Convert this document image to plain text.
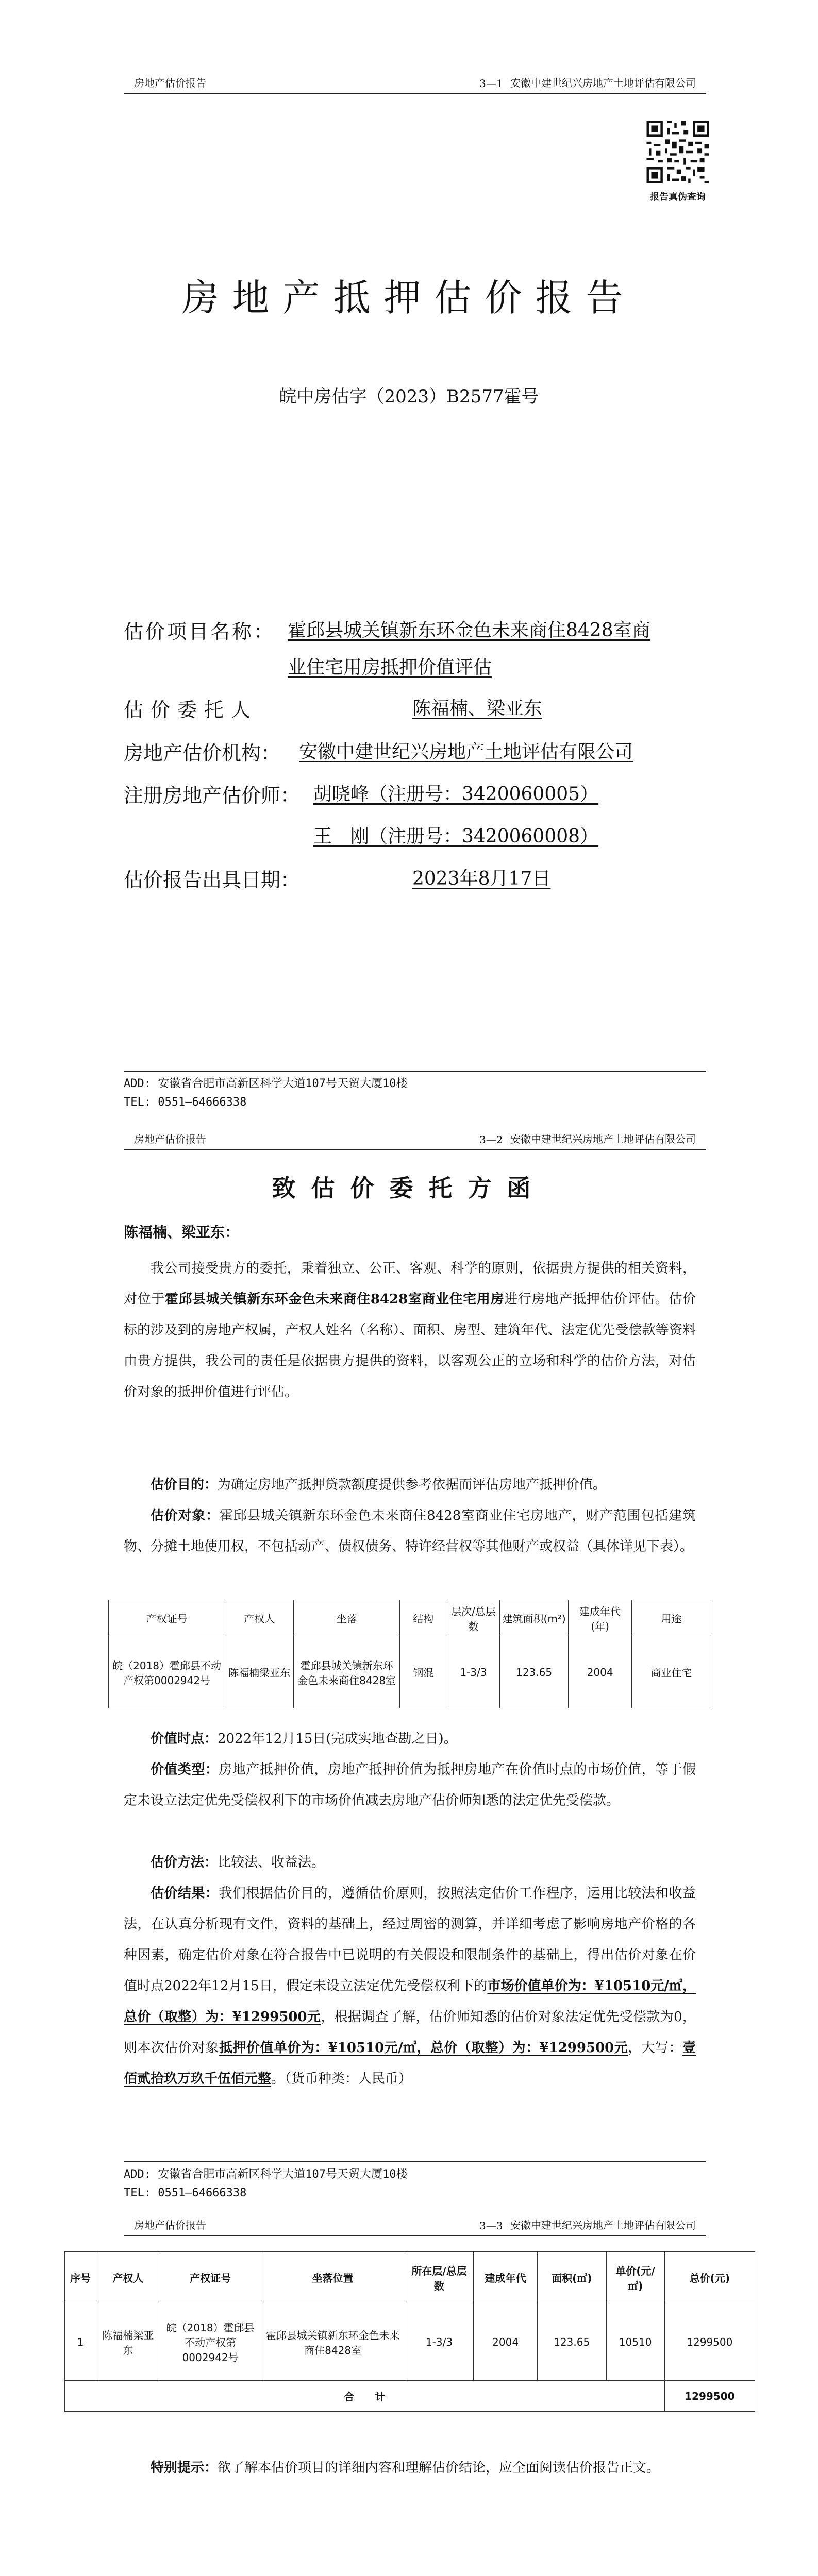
房地产估价报告	3—1 安徽中建世纪兴房地产土地评估有限公司
报告真伪查询
房地产抵押估价报告
皖中房估字（2023）B2577霍号
估价项目名称： 霍邱县城关镇新东环金色未来商住8428室商
业住宅用房抵押价值评估
估价委托人	陈福楠、梁亚东
房地产估价机构： 安徽中建世纪兴房地产土地评估有限公司
注册房地产估价师： 胡晓峰（注册号：3420060005）
王　刚（注册号：3420060008）
估价报告出具日期：	2023年8月17日
ADD: 安徽省合肥市高新区科学大道107号天贸大厦10楼
TEL: 0551—64666338
房地产估价报告	3—2 安徽中建世纪兴房地产土地评估有限公司
致估价委托方函
陈福楠、梁亚东：
我公司接受贵方的委托，秉着独立、公正、客观、科学的原则，依据贵方提供的相关资料，对位于霍邱县城关镇新东环金色未来商住8428室商业住宅用房进行房地产抵押估价评估。估价标的涉及到的房地产权属，产权人姓名（名称）、面积、房型、建筑年代、法定优先受偿款等资料由贵方提供，我公司的责任是依据贵方提供的资料，以客观公正的立场和科学的估价方法，对估价对象的抵押价值进行评估。
估价目的：为确定房地产抵押贷款额度提供参考依据而评估房地产抵押价值。
估价对象：霍邱县城关镇新东环金色未来商住8428室商业住宅房地产，财产范围包括建筑物、分摊土地使用权，不包括动产、债权债务、特许经营权等其他财产或权益（具体详见下表）。
产权证号	产权人	坐落	结构	层次/总层数	建筑面积(m²)	建成年代(年)	用途
皖（2018）霍邱县不动产权第0002942号	陈福楠梁亚东	霍邱县城关镇新东环金色未来商住8428室	钢混	1-3/3	123.65	2004	商业住宅
价值时点：2022年12月15日(完成实地查勘之日)。
价值类型：房地产抵押价值，房地产抵押价值为抵押房地产在价值时点的市场价值，等于假定未设立法定优先受偿权利下的市场价值减去房地产估价师知悉的法定优先受偿款。
估价方法：比较法、收益法。
估价结果：我们根据估价目的，遵循估价原则，按照法定估价工作程序，运用比较法和收益法，在认真分析现有文件，资料的基础上，经过周密的测算，并详细考虑了影响房地产价格的各种因素，确定估价对象在符合报告中已说明的有关假设和限制条件的基础上，得出估价对象在价值时点2022年12月15日，假定未设立法定优先受偿权利下的市场价值单价为：¥10510元/㎡，总价（取整）为：¥1299500元，根据调查了解，估价师知悉的估价对象法定优先受偿款为0，则本次估价对象抵押价值单价为：¥10510元/㎡，总价（取整）为：¥1299500元，大写：壹佰贰拾玖万玖千伍佰元整。（货币种类：人民币）
ADD: 安徽省合肥市高新区科学大道107号天贸大厦10楼
TEL: 0551—64666338
房地产估价报告	3—3 安徽中建世纪兴房地产土地评估有限公司
序号	产权人	产权证号	坐落位置	所在层/总层数	建成年代	面积(㎡)	单价(元/㎡)	总价(元)
1	陈福楠梁亚东	皖（2018）霍邱县不动产权第0002942号	霍邱县城关镇新东环金色未来商住8428室	1-3/3	2004	123.65	10510	1299500
合　　计								1299500
特别提示：欲了解本估价项目的详细内容和理解估价结论，应全面阅读估价报告正文。
